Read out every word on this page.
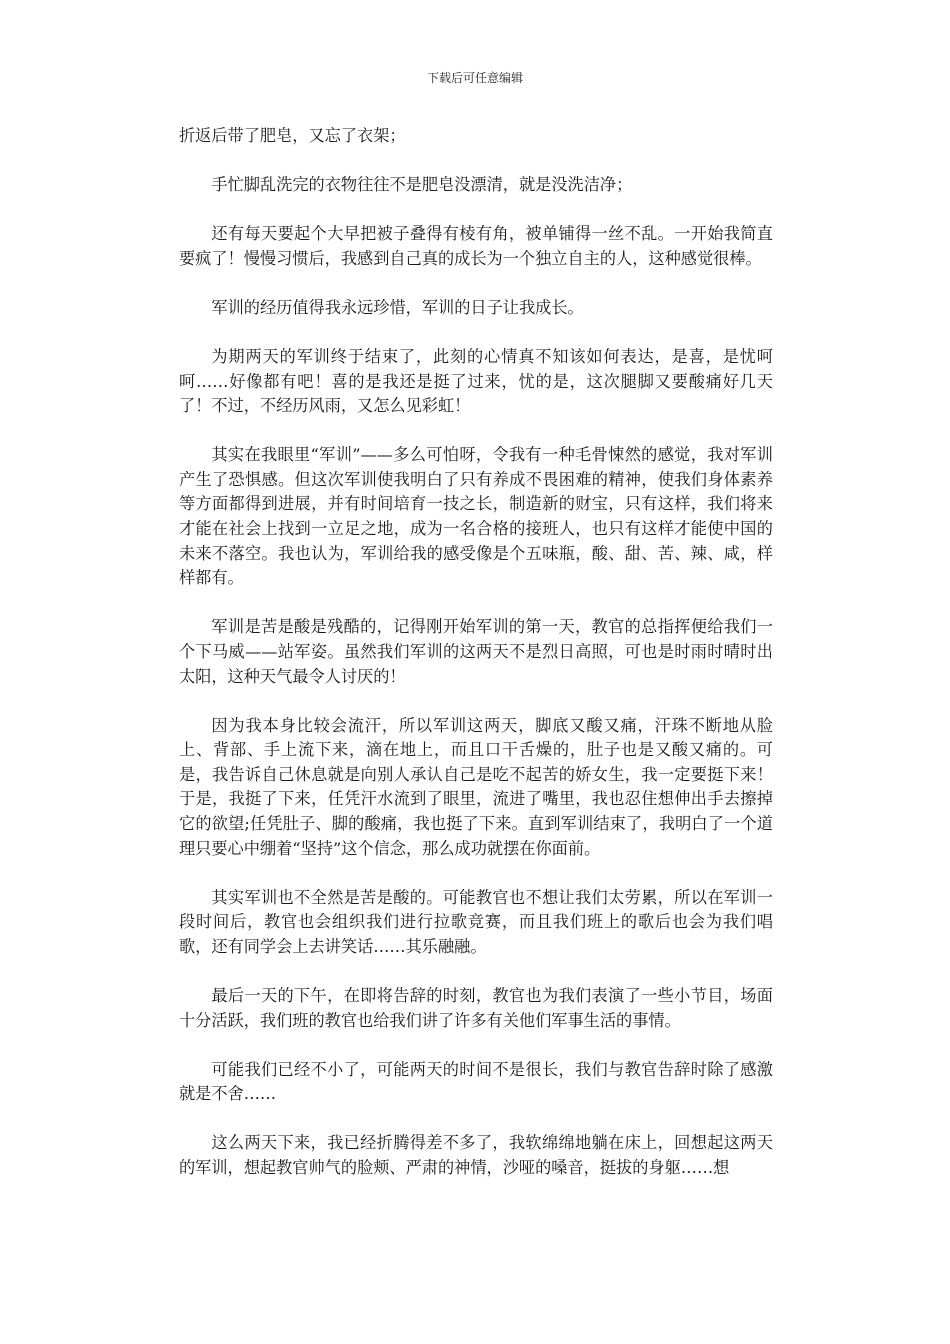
下载后可任意编辑

折返后带了肥皂，又忘了衣架；

手忙脚乱洗完的衣物往往不是肥皂没漂清，就是没洗洁净；

还有每天要起个大早把被子叠得有棱有角，被单铺得一丝不乱。一开始我简直要疯了！慢慢习惯后，我感到自己真的成长为一个独立自主的人，这种感觉很棒。

军训的经历值得我永远珍惜，军训的日子让我成长。

为期两天的军训终于结束了，此刻的心情真不知该如何表达，是喜，是忧呵呵……好像都有吧！喜的是我还是挺了过来，忧的是，这次腿脚又要酸痛好几天了！不过，不经历风雨，又怎么见彩虹！

其实在我眼里“军训”——多么可怕呀，令我有一种毛骨悚然的感觉，我对军训产生了恐惧感。但这次军训使我明白了只有养成不畏困难的精神，使我们身体素养等方面都得到进展，并有时间培育一技之长，制造新的财宝，只有这样，我们将来才能在社会上找到一立足之地，成为一名合格的接班人，也只有这样才能使中国的未来不落空。我也认为，军训给我的感受像是个五味瓶，酸、甜、苦、辣、咸，样样都有。

军训是苦是酸是残酷的，记得刚开始军训的第一天，教官的总指挥便给我们一个下马威——站军姿。虽然我们军训的这两天不是烈日高照，可也是时雨时晴时出太阳，这种天气最令人讨厌的！

因为我本身比较会流汗，所以军训这两天，脚底又酸又痛，汗珠不断地从脸上、背部、手上流下来，滴在地上，而且口干舌燥的，肚子也是又酸又痛的。可是，我告诉自己休息就是向别人承认自己是吃不起苦的娇女生，我一定要挺下来！于是，我挺了下来，任凭汗水流到了眼里，流进了嘴里，我也忍住想伸出手去擦掉它的欲望;任凭肚子、脚的酸痛，我也挺了下来。直到军训结束了，我明白了一个道理只要心中绷着“坚持”这个信念，那么成功就摆在你面前。

其实军训也不全然是苦是酸的。可能教官也不想让我们太劳累，所以在军训一段时间后，教官也会组织我们进行拉歌竞赛，而且我们班上的歌后也会为我们唱歌，还有同学会上去讲笑话……其乐融融。

最后一天的下午，在即将告辞的时刻，教官也为我们表演了一些小节目，场面十分活跃，我们班的教官也给我们讲了许多有关他们军事生活的事情。

可能我们已经不小了，可能两天的时间不是很长，我们与教官告辞时除了感激就是不舍……

这么两天下来，我已经折腾得差不多了，我软绵绵地躺在床上，回想起这两天的军训，想起教官帅气的脸颊、严肃的神情，沙哑的嗓音，挺拔的身躯……想
